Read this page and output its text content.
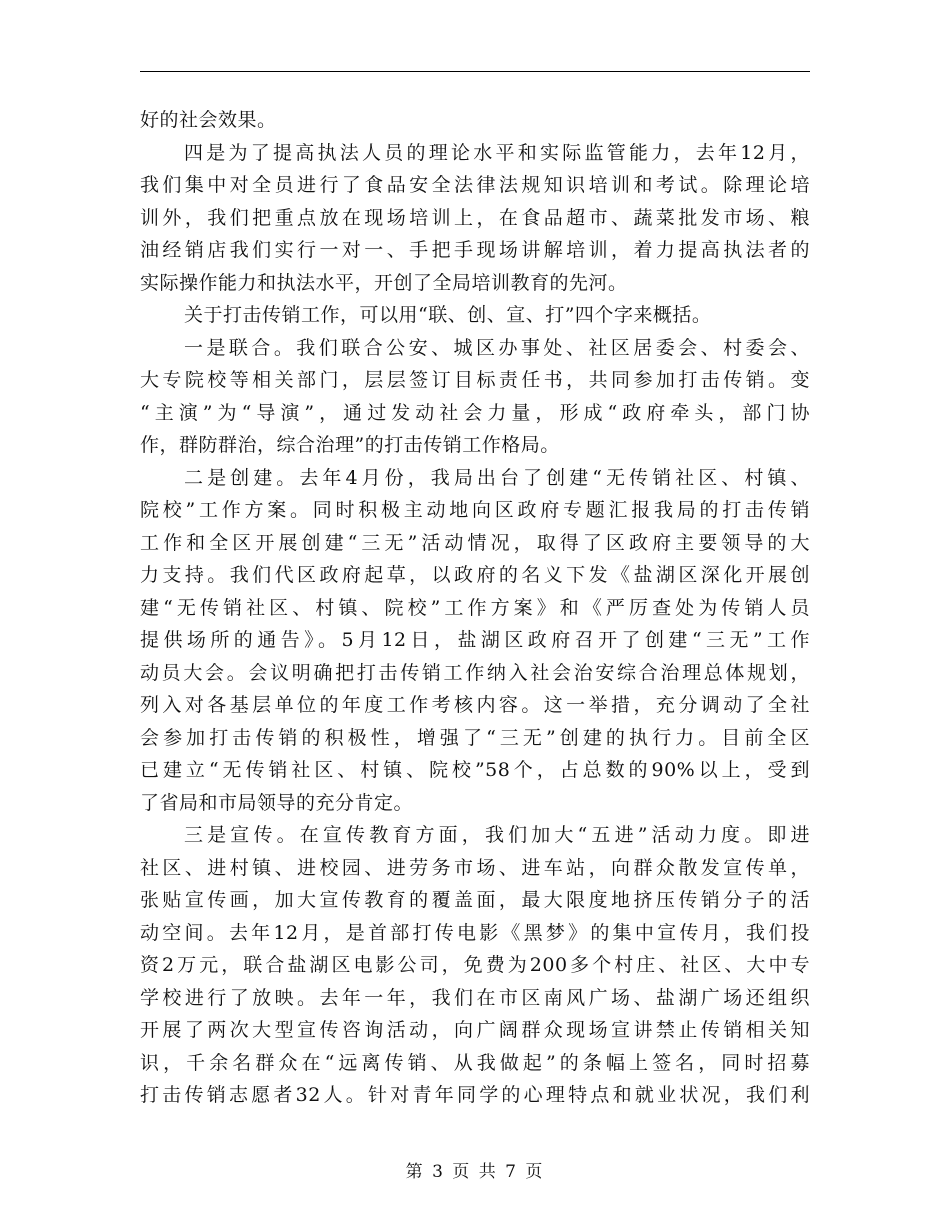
好的社会效果。
四是为了提高执法人员的理论水平和实际监管能力，去年12月，
我们集中对全员进行了食品安全法律法规知识培训和考试。除理论培
训外，我们把重点放在现场培训上，在食品超市、蔬菜批发市场、粮
油经销店我们实行一对一、手把手现场讲解培训，着力提高执法者的
实际操作能力和执法水平，开创了全局培训教育的先河。
关于打击传销工作，可以用“联、创、宣、打”四个字来概括。
一是联合。我们联合公安、城区办事处、社区居委会、村委会、
大专院校等相关部门，层层签订目标责任书，共同参加打击传销。变
“主演”为“导演”，通过发动社会力量，形成“政府牵头，部门协
作，群防群治，综合治理”的打击传销工作格局。
二是创建。去年4月份，我局出台了创建“无传销社区、村镇、
院校”工作方案。同时积极主动地向区政府专题汇报我局的打击传销
工作和全区开展创建“三无”活动情况，取得了区政府主要领导的大
力支持。我们代区政府起草，以政府的名义下发《盐湖区深化开展创
建“无传销社区、村镇、院校”工作方案》和《严厉查处为传销人员
提供场所的通告》。5月12日，盐湖区政府召开了创建“三无”工作
动员大会。会议明确把打击传销工作纳入社会治安综合治理总体规划，
列入对各基层单位的年度工作考核内容。这一举措，充分调动了全社
会参加打击传销的积极性，增强了“三无”创建的执行力。目前全区
已建立“无传销社区、村镇、院校”58个，占总数的90%以上，受到
了省局和市局领导的充分肯定。
三是宣传。在宣传教育方面，我们加大“五进”活动力度。即进
社区、进村镇、进校园、进劳务市场、进车站，向群众散发宣传单，
张贴宣传画，加大宣传教育的覆盖面，最大限度地挤压传销分子的活
动空间。去年12月，是首部打传电影《黑梦》的集中宣传月，我们投
资2万元，联合盐湖区电影公司，免费为200多个村庄、社区、大中专
学校进行了放映。去年一年，我们在市区南风广场、盐湖广场还组织
开展了两次大型宣传咨询活动，向广阔群众现场宣讲禁止传销相关知
识，千余名群众在“远离传销、从我做起”的条幅上签名，同时招募
打击传销志愿者32人。针对青年同学的心理特点和就业状况，我们利
第 3 页 共 7 页
